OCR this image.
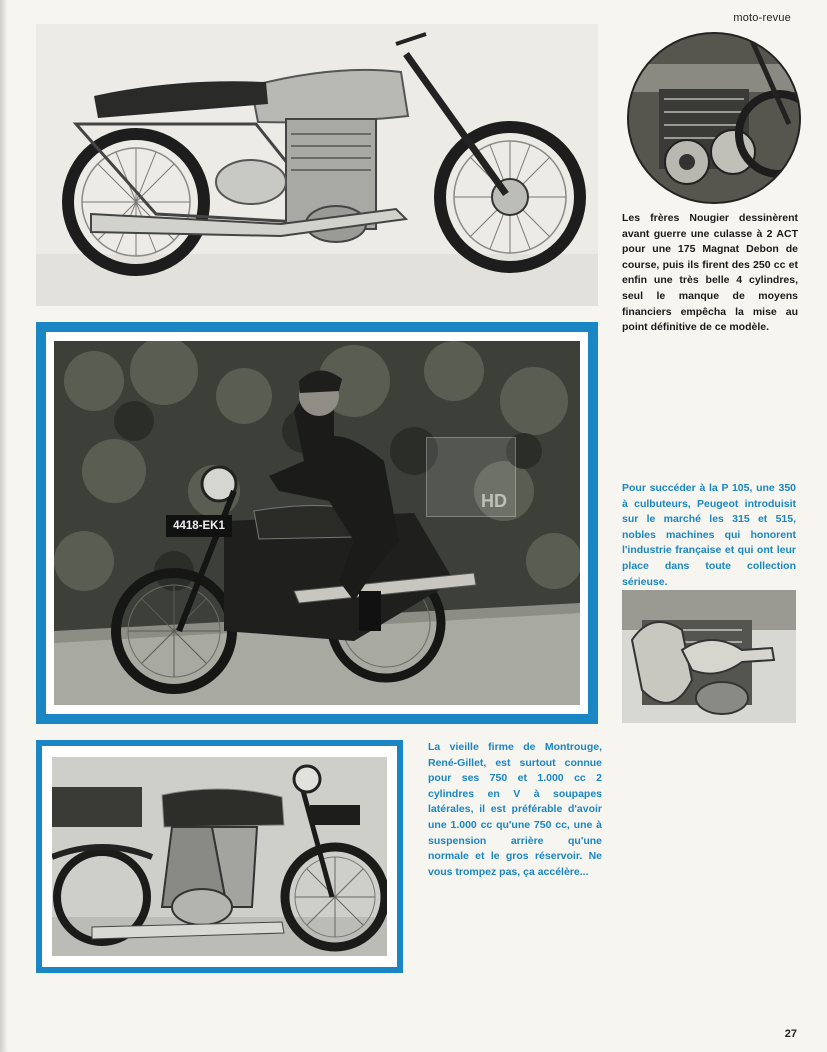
moto-revue

Les frères Nougier dessinèrent avant guerre une culasse à 2 ACT pour une 175 Magnat Debon de course, puis ils firent des 250 cc et enfin une très belle 4 cylindres, seul le manque de moyens financiers empêcha la mise au point définitive de ce modèle.

4418-EK1
HD

Pour succéder à la P 105, une 350 à culbuteurs, Peugeot introduisit sur le marché les 315 et 515, nobles machines qui honorent l'industrie française et qui ont leur place dans toute collection sérieuse.

La vieille firme de Montrouge, René-Gillet, est surtout connue pour ses 750 et 1.000 cc 2 cylindres en V à soupapes latérales, il est préférable d'avoir une 1.000 cc qu'une 750 cc, une à suspension arrière qu'une normale et le gros réservoir. Ne vous trompez pas, ça accélère...

27
